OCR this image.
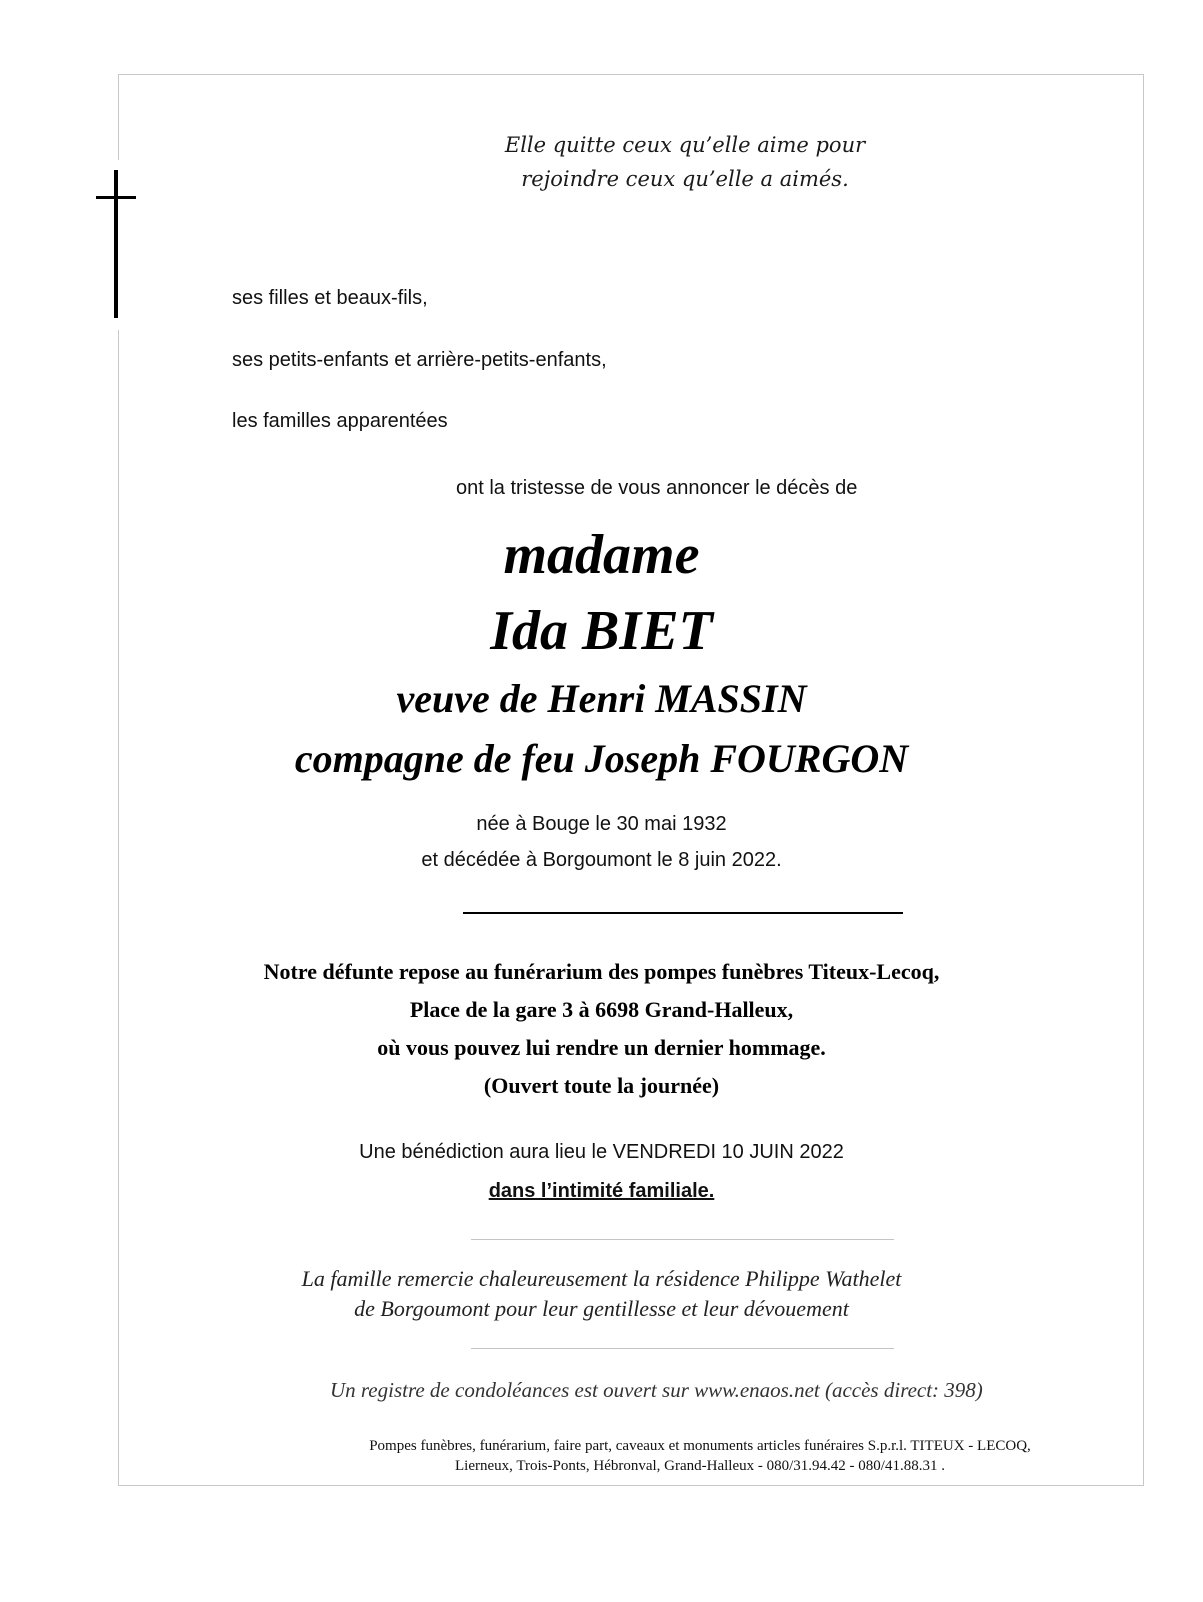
Elle quitte ceux qu’elle aime pour
rejoindre ceux qu’elle a aimés.

ses filles et beaux-fils,

ses petits-enfants et arrière-petits-enfants,

les familles apparentées

ont la tristesse de vous annoncer le décès de

madame

Ida BIET

veuve de Henri MASSIN

compagne de feu Joseph FOURGON

née à Bouge le 30 mai 1932

et décédée à Borgoumont le 8 juin 2022.

Notre défunte repose au funérarium des pompes funèbres Titeux-Lecoq,
Place de la gare 3 à 6698 Grand-Halleux,
où vous pouvez lui rendre un dernier hommage.
(Ouvert toute la journée)

Une bénédiction aura lieu le VENDREDI 10 JUIN 2022

dans l’intimité familiale.

La famille remercie chaleureusement la résidence Philippe Wathelet
de Borgoumont pour leur gentillesse et leur dévouement

Un registre de condoléances est ouvert sur www.enaos.net (accès direct: 398)

Pompes funèbres, funérarium, faire part, caveaux et monuments articles funéraires S.p.r.l. TITEUX - LECOQ,
Lierneux, Trois-Ponts, Hébronval, Grand-Halleux - 080/31.94.42 - 080/41.88.31 .
